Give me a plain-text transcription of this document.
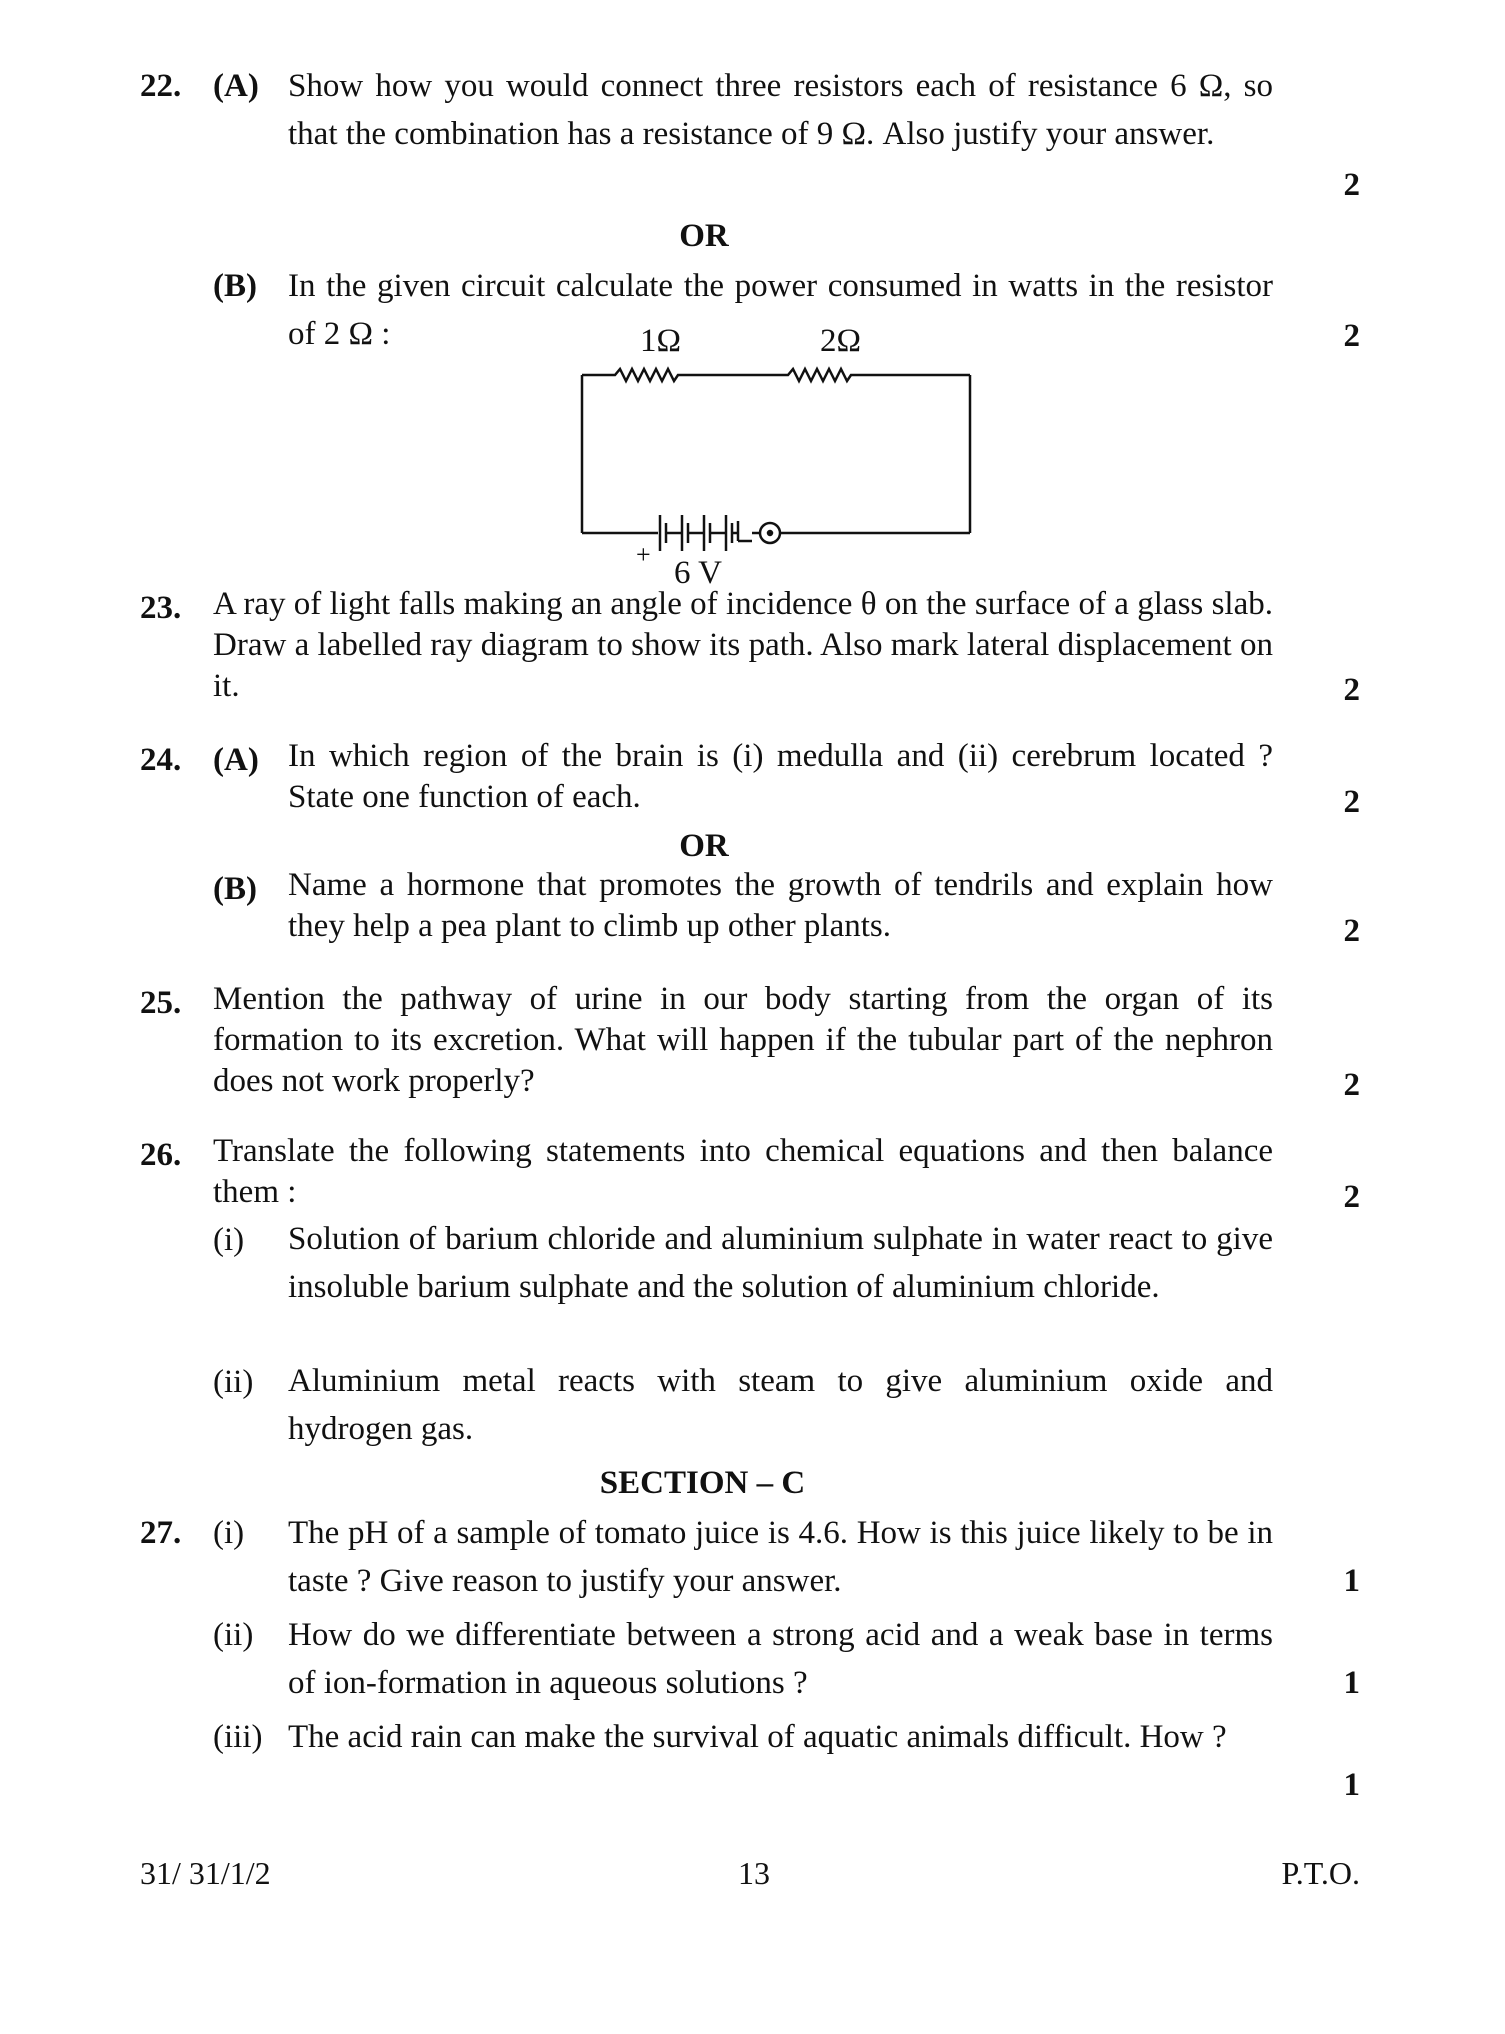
22. (A) Show how you would connect three resistors each of resistance 6 Ω, so that the combination has a resistance of 9 Ω. Also justify your answer.
2
OR
(B) In the given circuit calculate the power consumed in watts in the resistor of 2 Ω :	2
1Ω	2Ω
+
6 V
23. A ray of light falls making an angle of incidence θ on the surface of a glass slab. Draw a labelled ray diagram to show its path. Also mark lateral displacement on it.	2
24. (A) In which region of the brain is (i) medulla and (ii) cerebrum located ? State one function of each.	2
OR
(B) Name a hormone that promotes the growth of tendrils and explain how they help a pea plant to climb up other plants.	2
25. Mention the pathway of urine in our body starting from the organ of its formation to its excretion. What will happen if the tubular part of the nephron does not work properly?	2
26. Translate the following statements into chemical equations and then balance them :	2
(i) Solution of barium chloride and aluminium sulphate in water react to give insoluble barium sulphate and the solution of aluminium chloride.
(ii) Aluminium metal reacts with steam to give aluminium oxide and hydrogen gas.
SECTION – C
27. (i) The pH of a sample of tomato juice is 4.6. How is this juice likely to be in taste ? Give reason to justify your answer.	1
(ii) How do we differentiate between a strong acid and a weak base in terms of ion-formation in aqueous solutions ?	1
(iii) The acid rain can make the survival of aquatic animals difficult. How ?
1
31/ 31/1/2	13	P.T.O.
